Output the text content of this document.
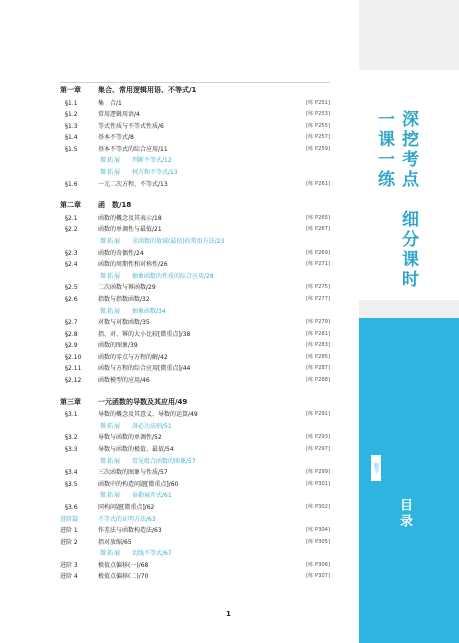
第一章	集合、常用逻辑用语、不等式/1
§1.1	集　合/1	[练 P251]
§1.2	常用逻辑用语/4	[练 P253]
§1.3	等式性质与不等式性质/6	[练 P255]
§1.4	基本不等式/8	[练 P257]
§1.5	基本不等式的综合应用/11	[练 P259]
微拓展 判断不等式/12
微拓展 权方和不等式/13
§1.6	一元二次方程、不等式/13	[练 P261]
第二章	函　数/18
§2.1	函数的概念及其表示/18	[练 P265]
§2.2	函数的单调性与最值/21	[练 P267]
微拓展 求函数的值域(最值)的常用方法/23
§2.3	函数的奇偶性/24	[练 P269]
§2.4	函数的周期性和对称性/26	[练 P271]
微拓展 抽象函数的性质的综合应用/28
§2.5	二次函数与幂函数/29	[练 P275]
§2.6	指数与指数函数/32	[练 P277]
微拓展 抽象函数/34
§2.7	对数与对数函数/35	[练 P279]
§2.8	指、对、幂的大小比较[微重点]/38	[练 P281]
§2.9	函数的图象/39	[练 P283]
§2.10	函数的零点与方程的解/42	[练 P285]
§2.11	函数与方程的综合应用[微重点]/44	[练 P287]
§2.12	函数模型的应用/46	[练 P288]
第三章	一元函数的导数及其应用/49
§3.1	导数的概念及其意义、导数的运算/49	[练 P291]
微拓展 洛必达法则/51
§3.2	导数与函数的单调性/52	[练 P293]
§3.3	导数与函数的极值、最值/54	[练 P297]
微拓展 常见组合函数的图象/57
§3.4	三次函数的图象与性质/57	[练 P299]
§3.5	函数中的构造问题[微重点]/60	[练 P301]
微拓展 泰勒展开式/61
§3.6	同构问题[微重点]/62	[练 P302]
进阶篇	不等式的证明方法/63
进阶 1	作差法与函数构造法/63	[练 P304]
进阶 2	指对放缩/65	[练 P305]
微拓展 切线不等式/67
进阶 3	极值点偏移(一)/68	[练 P306]
进阶 4	极值点偏移(二)/70	[练 P307]
1
深挖考点　细分课时
一课一练
数学
目录
